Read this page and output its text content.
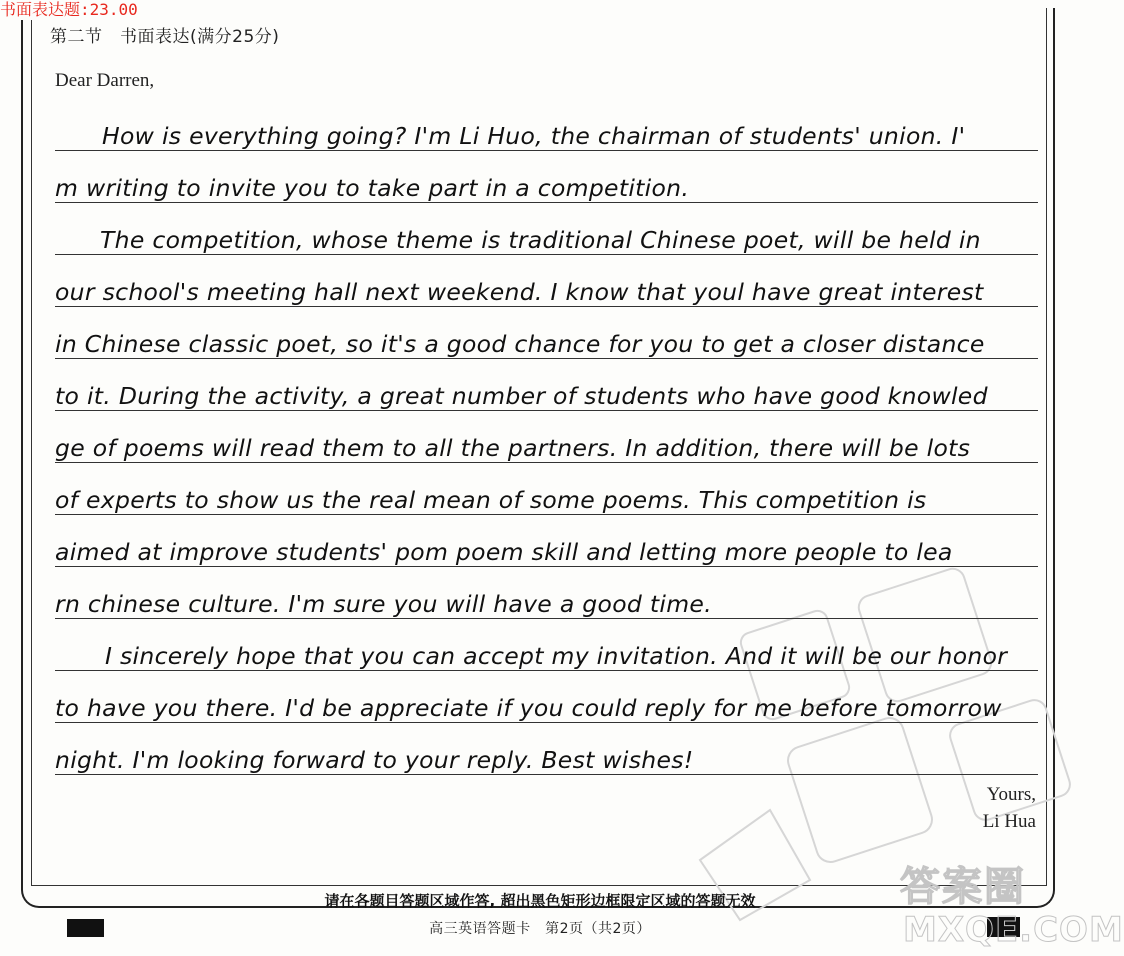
书面表达题:23.00
第二节　书面表达(满分25分)
Dear Darren,
How is everything going? I'm Li Huo, the chairman of students' union. I'
m writing to invite you to take part in a competition.
The competition, whose theme is traditional Chinese poet, will be held in
our school's meeting hall next weekend. I know that youl have great interest
in Chinese classic poet, so it's a good chance for you to get a closer distance
to it. During the activity, a great number of students who have good knowled
ge of poems will read them to all the partners. In addition, there will be lots
of experts to show us the real mean of some poems. This competition is
aimed at improve students' pom poem skill and letting more people to lea
rn chinese culture. I'm sure you will have a good time.
I sincerely hope that you can accept my invitation. And it will be our honor
to have you there. I'd be appreciate if you could reply for me before tomorrow
night. I'm looking forward to your reply. Best wishes!
Yours,
Li Hua
答案圈
请在各题目答题区域作答, 超出黑色矩形边框限定区域的答题无效
高三英语答题卡　第2页（共2页）
